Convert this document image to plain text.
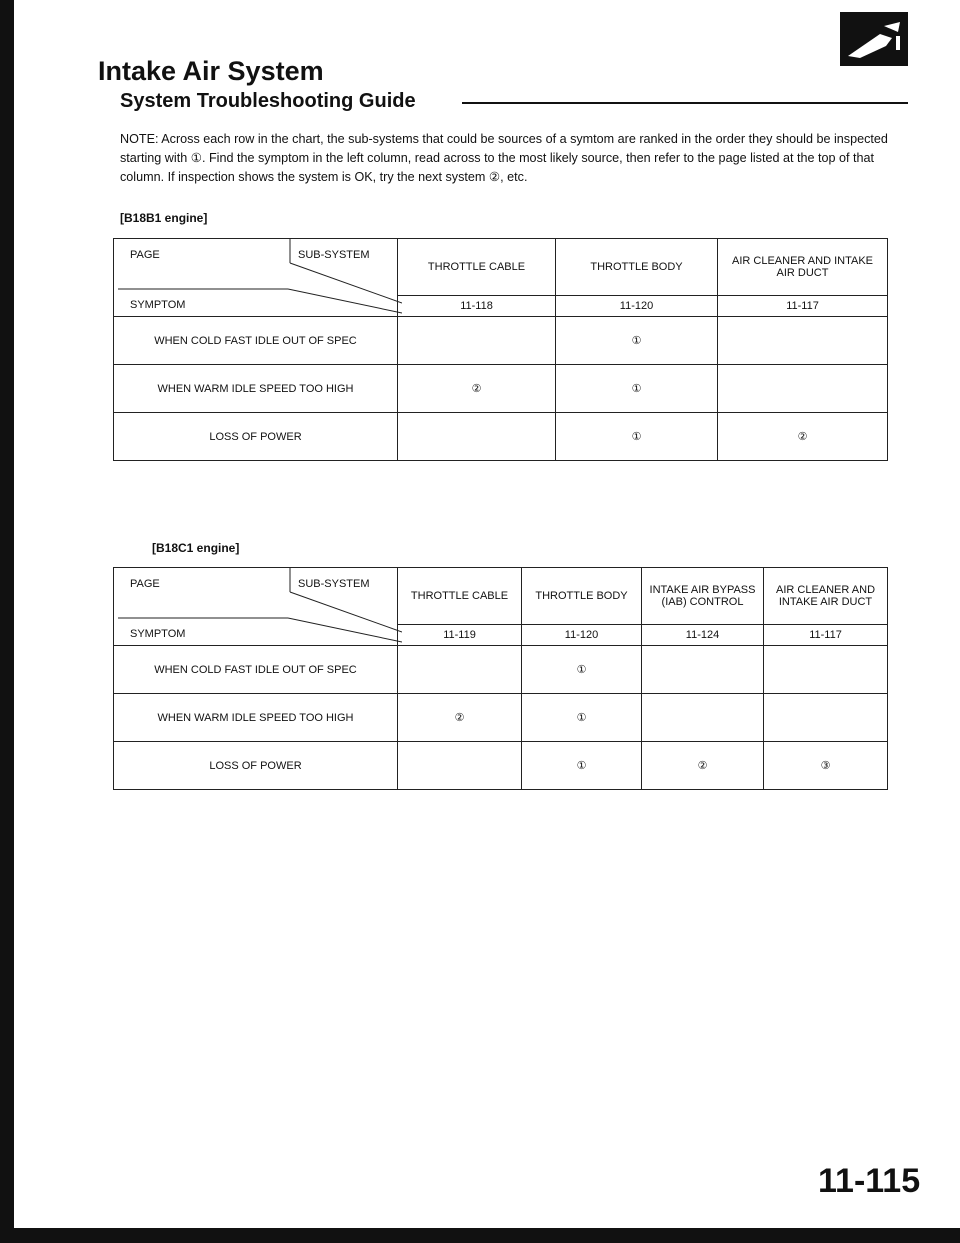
Intake Air System
System Troubleshooting Guide

NOTE: Across each row in the chart, the sub-systems that could be sources of a symtom are ranked in the order they should be inspected starting with ①. Find the symptom in the left column, read across to the most likely source, then refer to the page listed at the top of that column. If inspection shows the system is OK, try the next system ②, etc.

[B18B1 engine]

PAGE SUB-SYSTEM
SYMPTOM	THROTTLE CABLE	THROTTLE BODY	AIR CLEANER AND INTAKE AIR DUCT
	11-118	11-120	11-117
WHEN COLD FAST IDLE OUT OF SPEC		①	
WHEN WARM IDLE SPEED TOO HIGH	②	①	
LOSS OF POWER		①	②

[B18C1 engine]

PAGE SUB-SYSTEM
SYMPTOM	THROTTLE CABLE	THROTTLE BODY	INTAKE AIR BYPASS (IAB) CONTROL	AIR CLEANER AND INTAKE AIR DUCT
	11-119	11-120	11-124	11-117
WHEN COLD FAST IDLE OUT OF SPEC		①		
WHEN WARM IDLE SPEED TOO HIGH	②	①		
LOSS OF POWER		①	②	③

11-115
